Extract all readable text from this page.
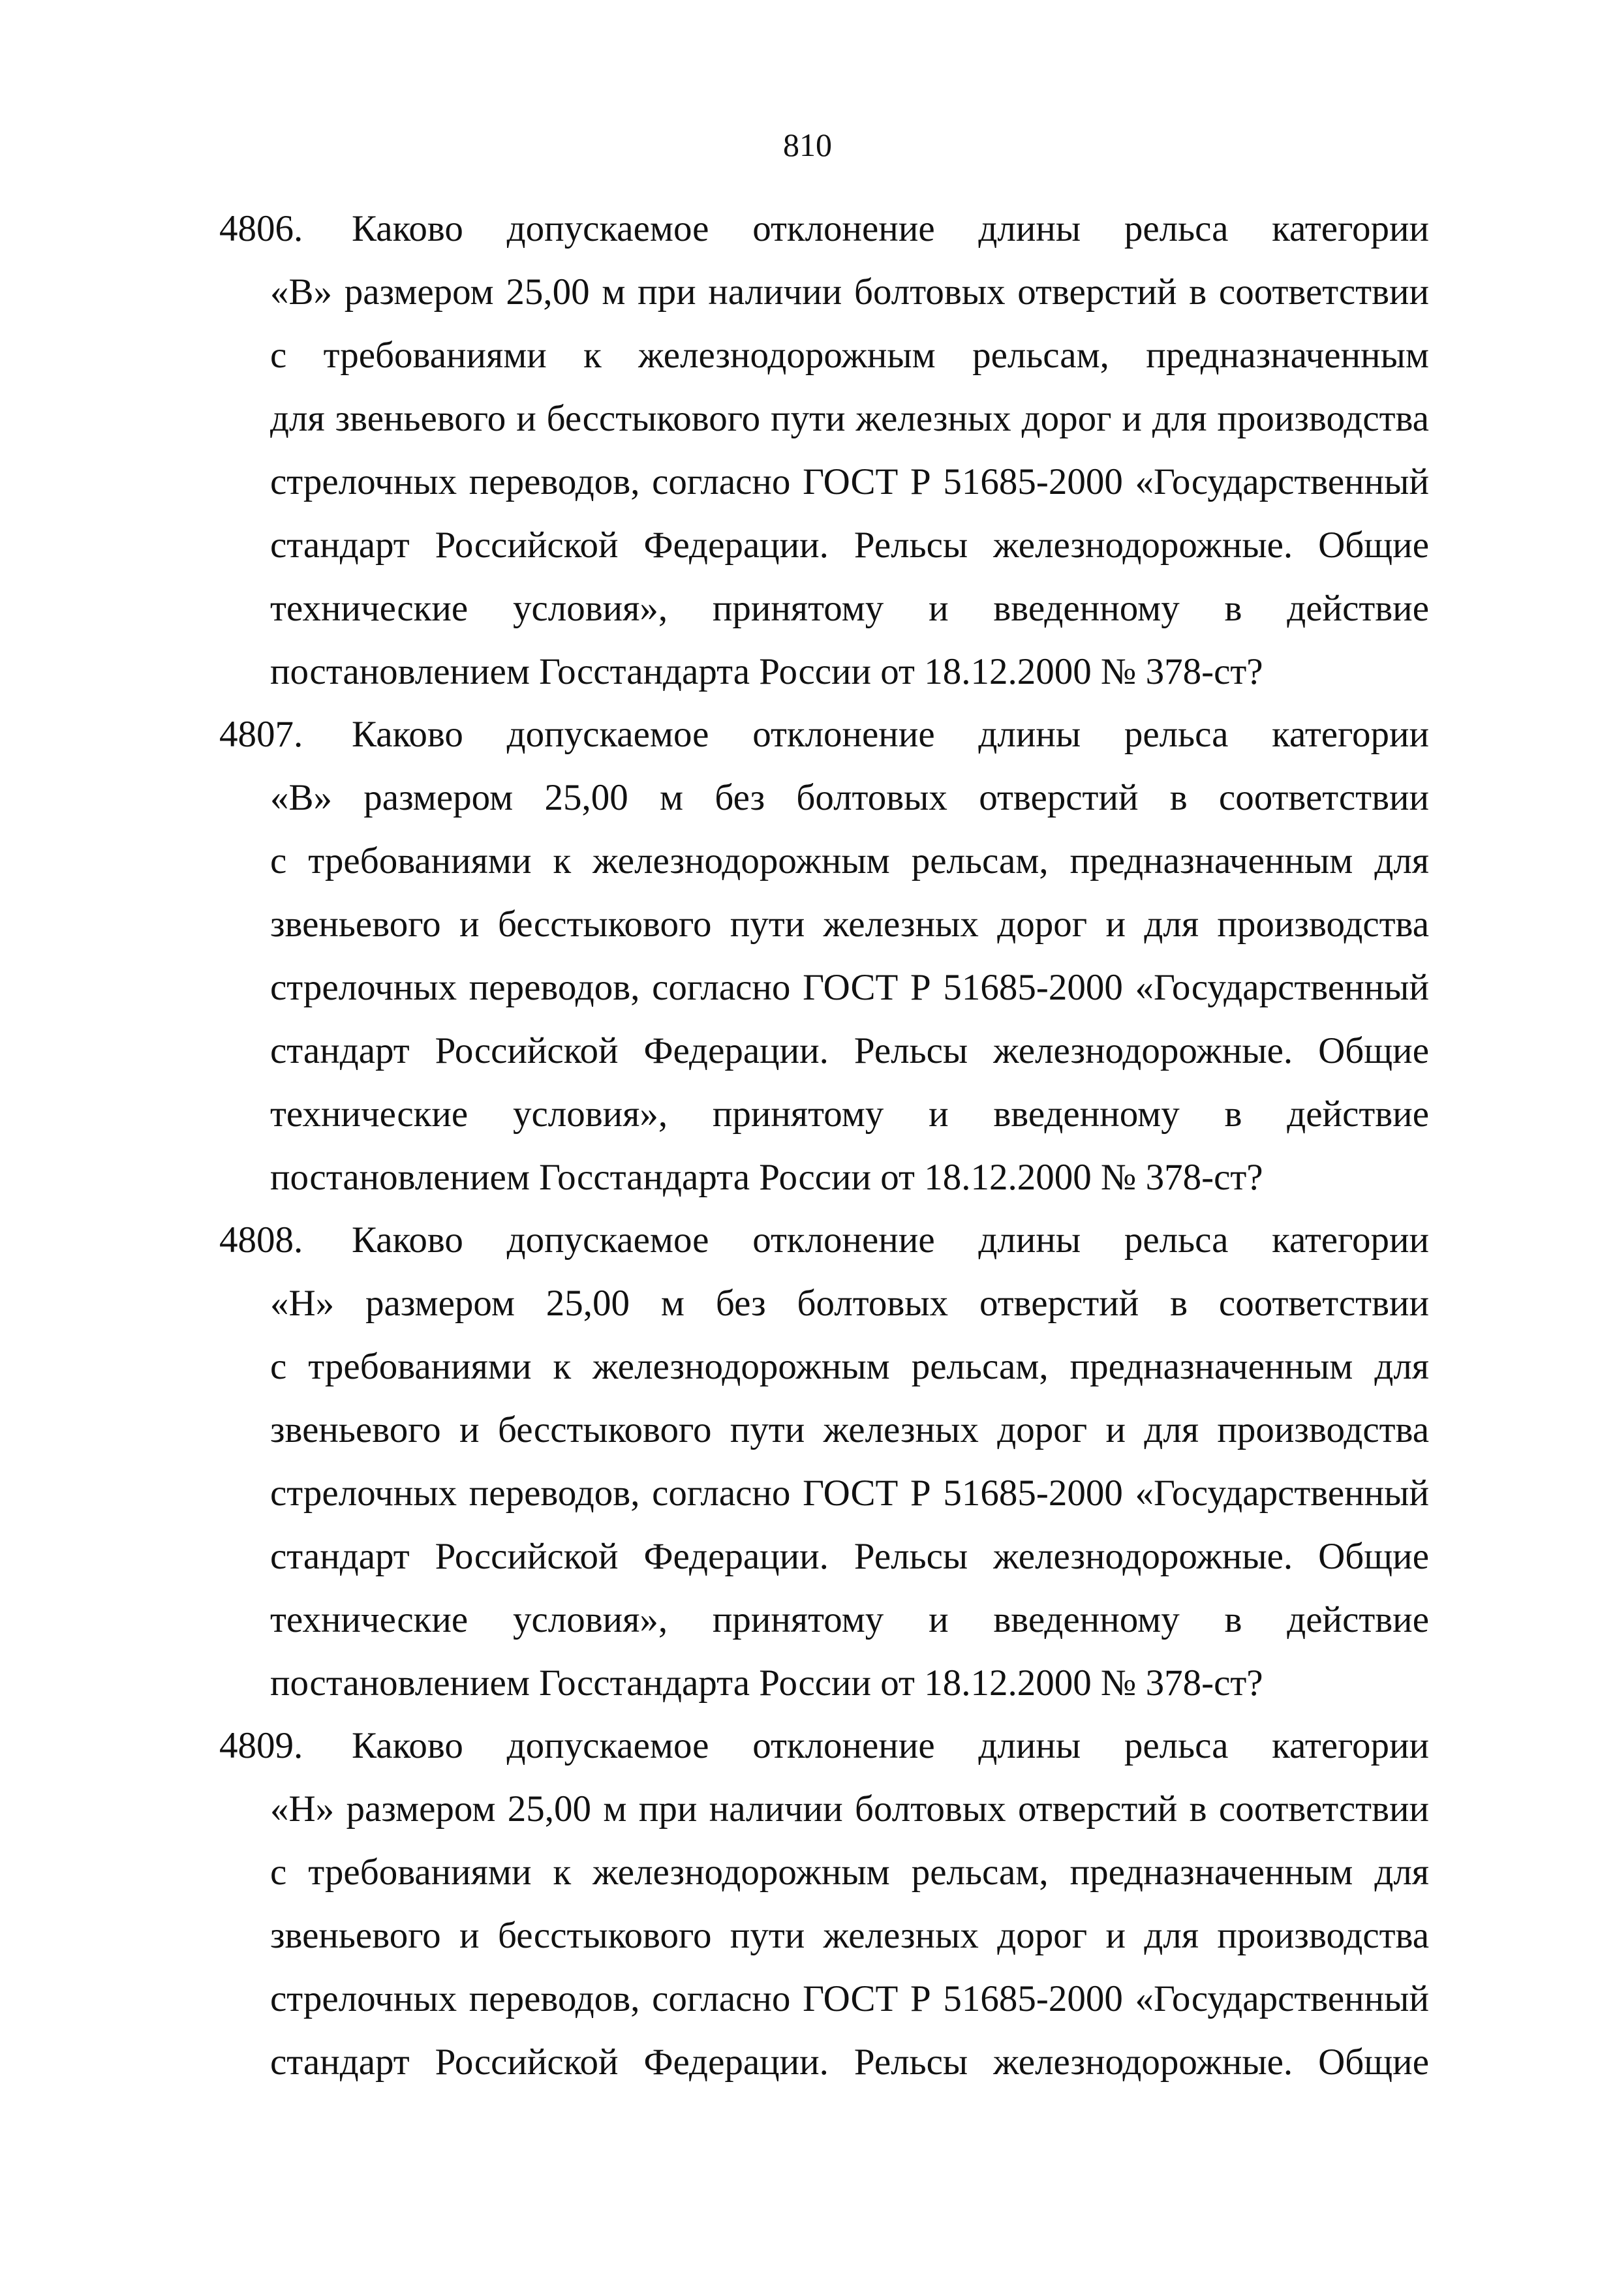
810
4806. Каково допускаемое отклонение длины рельса категории
«В» размером 25,00 м при наличии болтовых отверстий в соответствии
с требованиями к железнодорожным рельсам, предназначенным
для звеньевого и бесстыкового пути железных дорог и для производства
стрелочных переводов, согласно ГОСТ Р 51685-2000 «Государственный
стандарт Российской Федерации. Рельсы железнодорожные. Общие
технические условия», принятому и введенному в действие
постановлением Госстандарта России от 18.12.2000 № 378-ст?
4807. Каково допускаемое отклонение длины рельса категории
«В» размером 25,00 м без болтовых отверстий в соответствии
с требованиями к железнодорожным рельсам, предназначенным для
звеньевого и бесстыкового пути железных дорог и для производства
стрелочных переводов, согласно ГОСТ Р 51685-2000 «Государственный
стандарт Российской Федерации. Рельсы железнодорожные. Общие
технические условия», принятому и введенному в действие
постановлением Госстандарта России от 18.12.2000 № 378-ст?
4808. Каково допускаемое отклонение длины рельса категории
«Н» размером 25,00 м без болтовых отверстий в соответствии
с требованиями к железнодорожным рельсам, предназначенным для
звеньевого и бесстыкового пути железных дорог и для производства
стрелочных переводов, согласно ГОСТ Р 51685-2000 «Государственный
стандарт Российской Федерации. Рельсы железнодорожные. Общие
технические условия», принятому и введенному в действие
постановлением Госстандарта России от 18.12.2000 № 378-ст?
4809. Каково допускаемое отклонение длины рельса категории
«Н» размером 25,00 м при наличии болтовых отверстий в соответствии
с требованиями к железнодорожным рельсам, предназначенным для
звеньевого и бесстыкового пути железных дорог и для производства
стрелочных переводов, согласно ГОСТ Р 51685-2000 «Государственный
стандарт Российской Федерации. Рельсы железнодорожные. Общие
